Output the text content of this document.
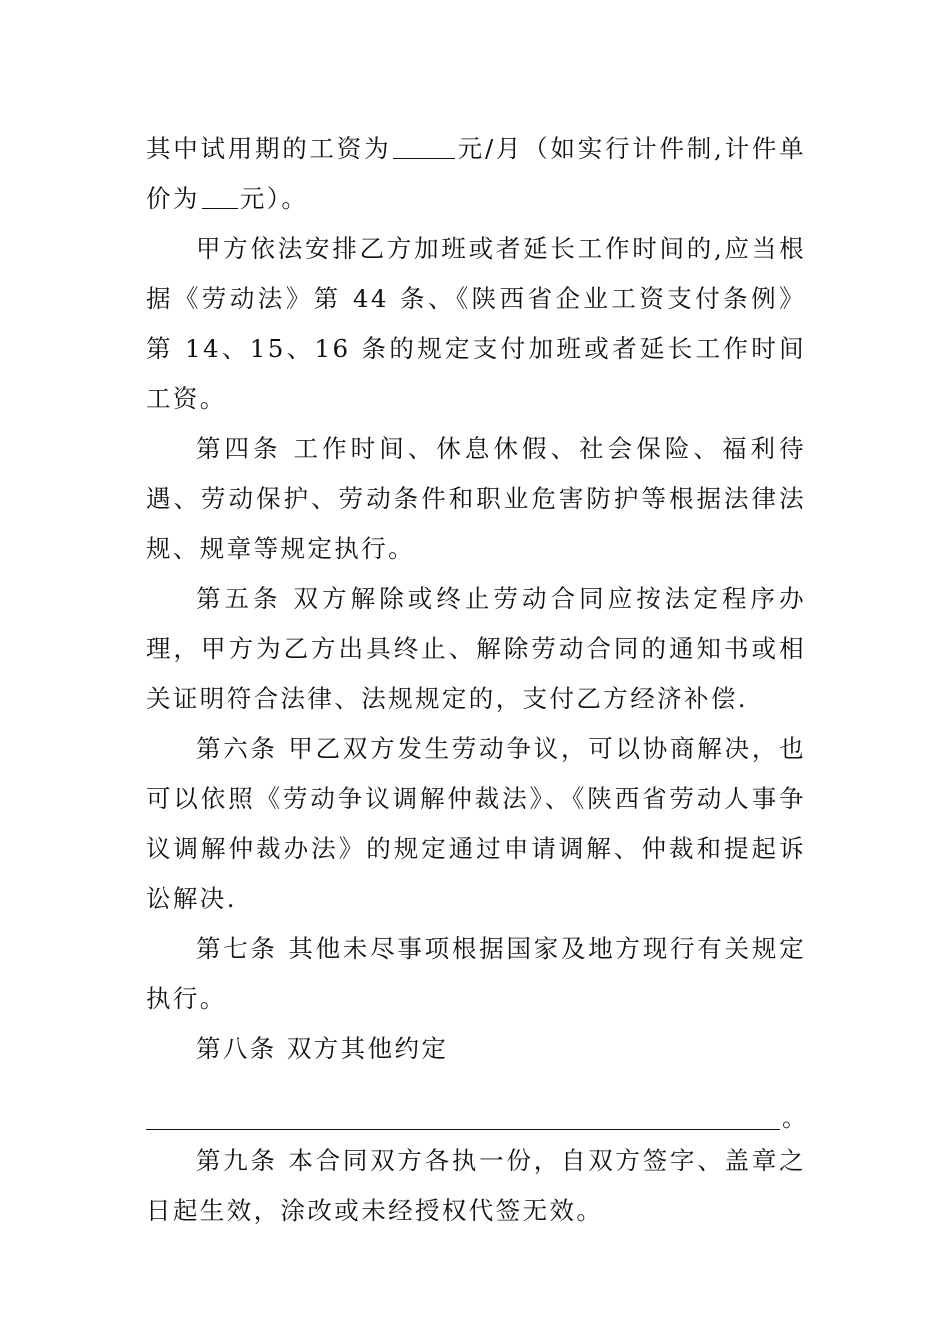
其中试用期的工资为	元/月（如实行计件制,计件单价为 元）。

甲方依法安排乙方加班或者延长工作时间的,应当根据《劳动法》第 44 条、《陕西省企业工资支付条例》第 14、15、16 条的规定支付加班或者延长工作时间工资。

第四条 工作时间、休息休假、社会保险、福利待遇、劳动保护、劳动条件和职业危害防护等根据法律法规、规章等规定执行。

第五条 双方解除或终止劳动合同应按法定程序办理，甲方为乙方出具终止、解除劳动合同的通知书或相关证明符合法律、法规规定的，支付乙方经济补偿.

第六条 甲乙双方发生劳动争议，可以协商解决，也可以依照《劳动争议调解仲裁法》、《陕西省劳动人事争议调解仲裁办法》的规定通过申请调解、仲裁和提起诉讼解决.

第七条 其他未尽事项根据国家及地方现行有关规定执行。

第八条 双方其他约定

。

第九条 本合同双方各执一份，自双方签字、盖章之日起生效，涂改或未经授权代签无效。
